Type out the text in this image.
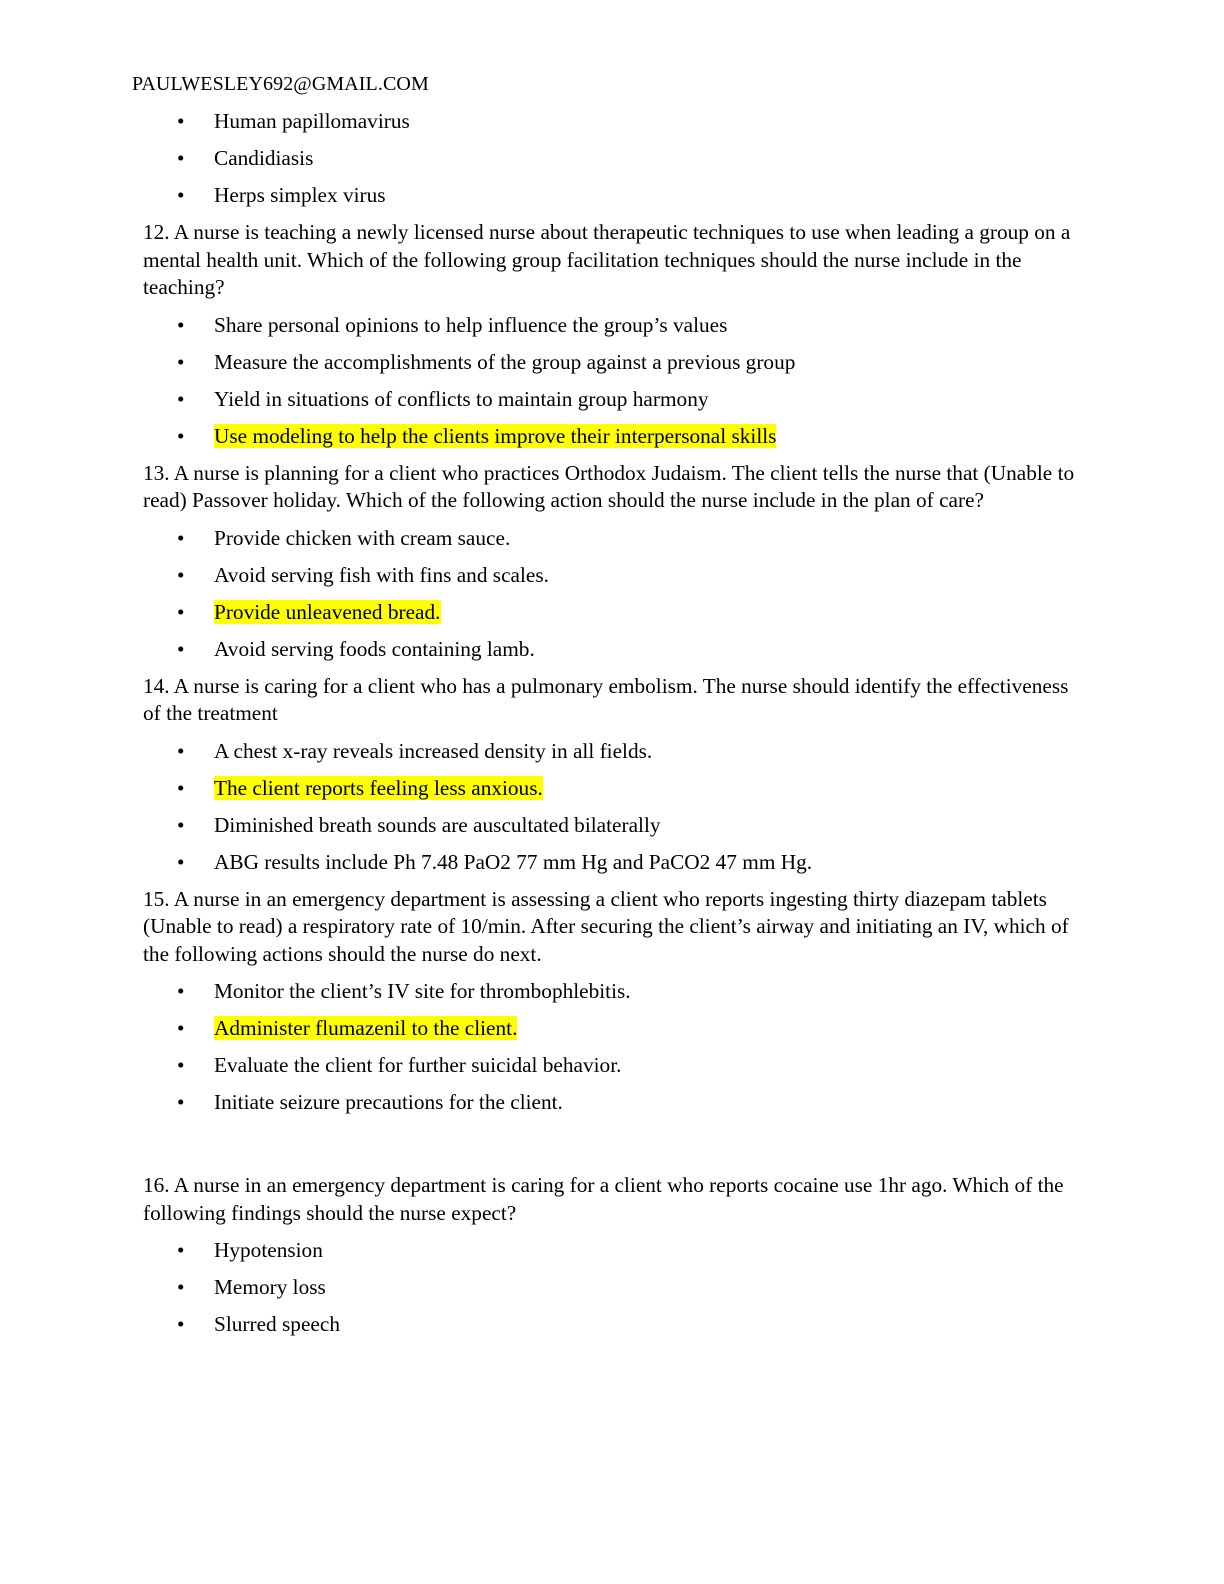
PAULWESLEY692@GMAIL.COM
•	Human papillomavirus
•	Candidiasis
•	Herps simplex virus

12. A nurse is teaching a newly licensed nurse about therapeutic techniques to use when leading a group on a mental health unit. Which of the following group facilitation techniques should the nurse include in the teaching?

•	Share personal opinions to help influence the group’s values
•	Measure the accomplishments of the group against a previous group
•	Yield in situations of conflicts to maintain group harmony
•	Use modeling to help the clients improve their interpersonal skills

13. A nurse is planning for a client who practices Orthodox Judaism. The client tells the nurse that (Unable to read) Passover holiday. Which of the following action should the nurse include in the plan of care?

•	Provide chicken with cream sauce.
•	Avoid serving fish with fins and scales.
•	Provide unleavened bread.
•	Avoid serving foods containing lamb.

14. A nurse is caring for a client who has a pulmonary embolism. The nurse should identify the effectiveness of the treatment

•	A chest x-ray reveals increased density in all fields.
•	The client reports feeling less anxious.
•	Diminished breath sounds are auscultated bilaterally
•	ABG results include Ph 7.48 PaO2 77 mm Hg and PaCO2 47 mm Hg.

15. A nurse in an emergency department is assessing a client who reports ingesting thirty diazepam tablets (Unable to read) a respiratory rate of 10/min. After securing the client’s airway and initiating an IV, which of the following actions should the nurse do next.

•	Monitor the client’s IV site for thrombophlebitis.
•	Administer flumazenil to the client.
•	Evaluate the client for further suicidal behavior.
•	Initiate seizure precautions for the client.

16. A nurse in an emergency department is caring for a client who reports cocaine use 1hr ago. Which of the following findings should the nurse expect?

•	Hypotension
•	Memory loss
•	Slurred speech
